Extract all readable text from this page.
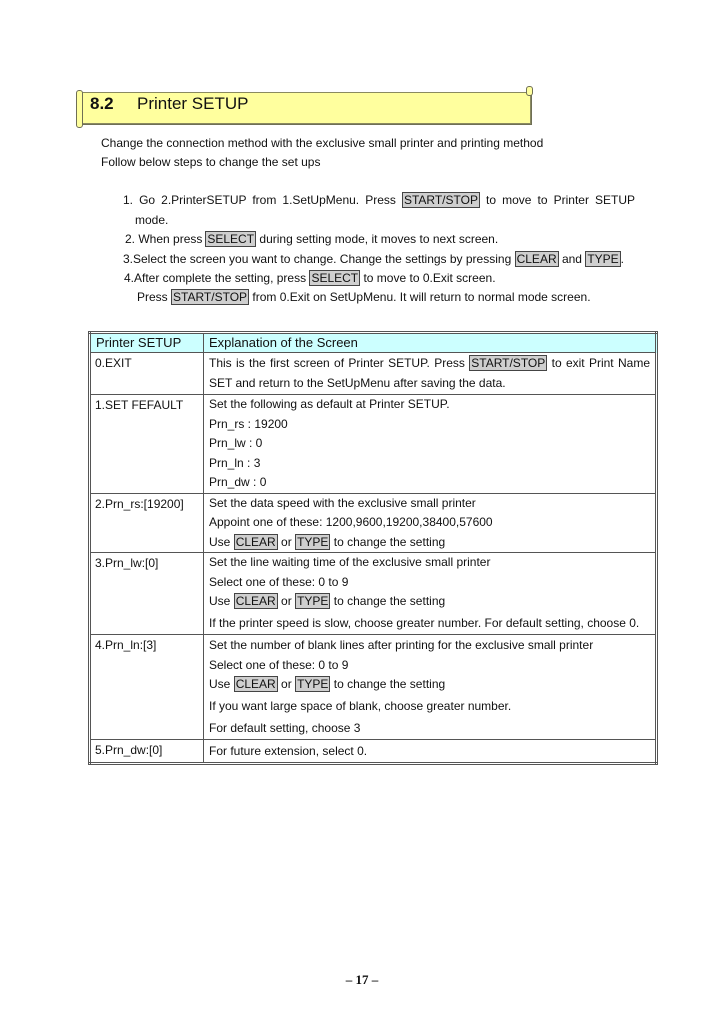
8.2 Printer SETUP
Change the connection method with the exclusive small printer and printing method
Follow below steps to change the set ups
1. Go 2.PrinterSETUP from 1.SetUpMenu. Press START/STOP to move to Printer SETUP
mode.
2. When press SELECT during setting mode, it moves to next screen.
3.Select the screen you want to change. Change the settings by pressing CLEAR and TYPE .
4.After complete the setting, press SELECT to move to 0.Exit screen.
Press START/STOP from 0.Exit on SetUpMenu. It will return to normal mode screen.
Printer SETUP	Explanation of the Screen
0.EXIT	This is the first screen of Printer SETUP. Press START/STOP to exit Print Name
SET and return to the SetUpMenu after saving the data.

1.SET FEFAULT	Set the following as default at Printer SETUP.
Prn_rs : 19200
Prn_lw : 0
Prn_ln : 3
Prn_dw : 0

2.Prn_rs:[19200]	Set the data speed with the exclusive small printer
Appoint one of these: 1200,9600,19200,38400,57600
Use CLEAR or TYPE to change the setting

3.Prn_lw:[0]	Set the line waiting time of the exclusive small printer
Select one of these: 0 to 9
Use CLEAR or TYPE to change the setting
If the printer speed is slow, choose greater number. For default setting, choose 0.

4.Prn_ln:[3]	Set the number of blank lines after printing for the exclusive small printer
Select one of these: 0 to 9
Use CLEAR or TYPE to change the setting
If you want large space of blank, choose greater number.
For default setting, choose 3

5.Prn_dw:[0]	For future extension, select 0.
– 17 –
